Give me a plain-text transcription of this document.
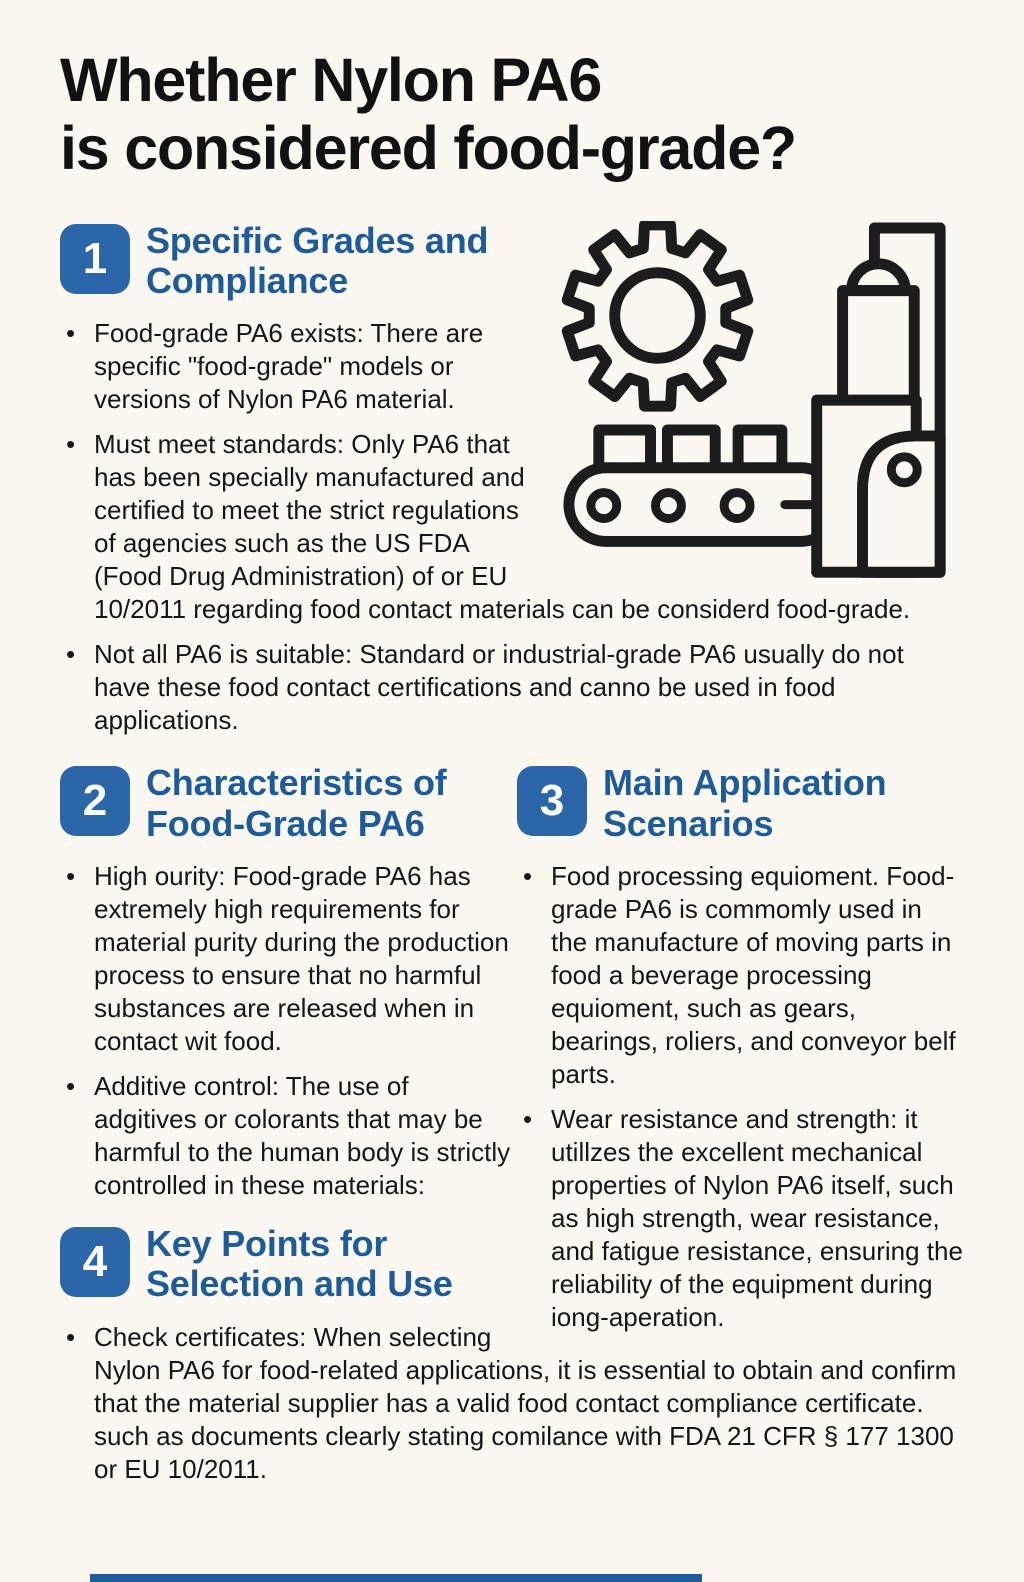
Whether Nylon PA6
is considered food-grade?
1	Specific Grades and
Compliance

• Food-grade PA6 exists: There are specific "food-grade" models or versions of Nylon PA6 material.

• Must meet standards: Only PA6 that has been specially manufactured and certified to meet the strict regulations of agencies such as the US FDA (Food Drug Administration) of or EU 10/2011 regarding food contact materials can be considerd food-grade.

• Not all PA6 is suitable: Standard or industrial-grade PA6 usually do not have these food contact certifications and canno be used in food applications.

3	Main Application
Scenarios

• Food processing equioment. Food-grade PA6 is commomly used in the manufacture of moving parts in food a beverage processing equioment, such as gears, bearings, roliers, and conveyor belf parts.

• Wear resistance and strength: it utillzes the excellent mechanical properties of Nylon PA6 itself, such as high strength, wear resistance, and fatigue resistance, ensuring the reliability of the equipment during iong-aperation.

2	Characteristics of
Food-Grade PA6

• High ourity: Food-grade PA6 has extremely high requirements for material purity during the production process to ensure that no harmful substances are released when in contact wit food.

• Additive control: The use of adgitives or colorants that may be harmful to the human body is strictly controlled in these materials:

4	Key Points for
Selection and Use

• Check certificates: When selecting Nylon PA6 for food-related applications, it is essential to obtain and confirm that the material supplier has a valid food contact compliance certificate. such as documents clearly stating comilance with FDA 21 CFR § 177 1300 or EU 10/2011.
